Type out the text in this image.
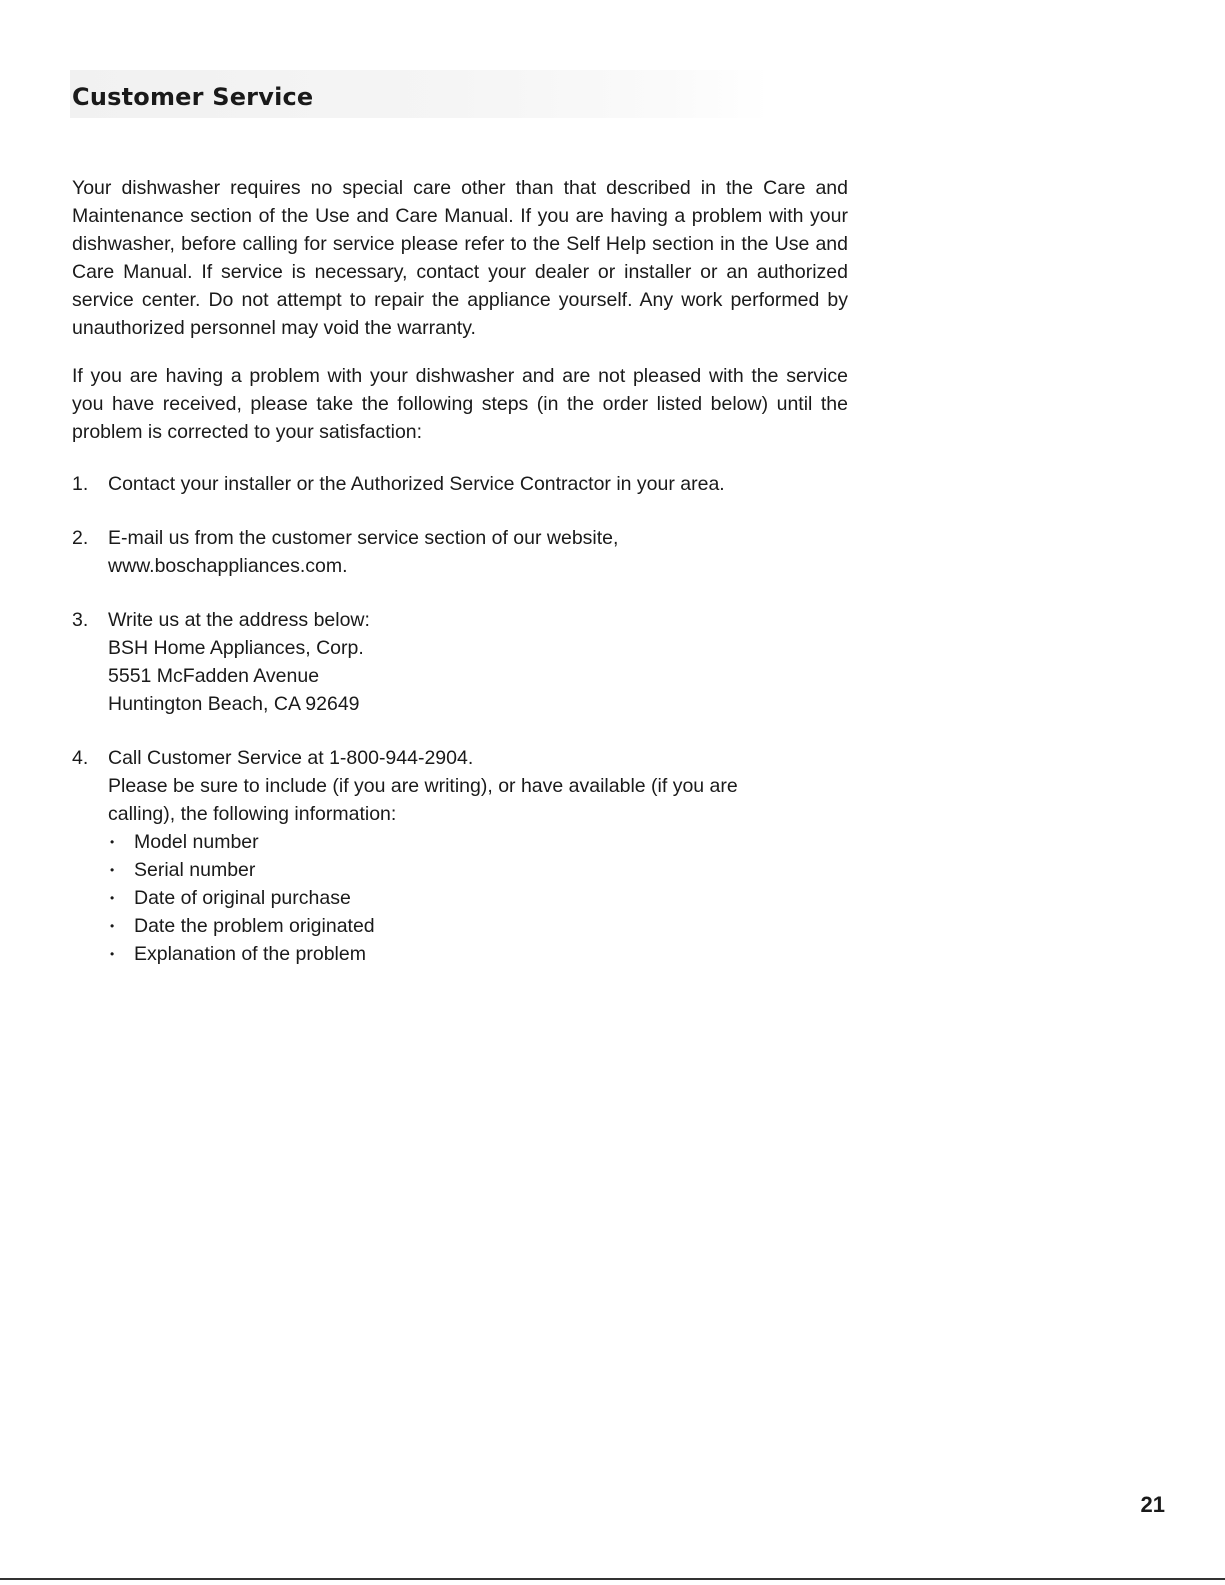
Customer Service

Your dishwasher requires no special care other than that described in the Care and Maintenance section of the Use and Care Manual. If you are having a problem with your dishwasher, before calling for service please refer to the Self Help section in the Use and Care Manual. If service is necessary, contact your dealer or installer or an authorized service center. Do not attempt to repair the appliance yourself. Any work performed by unauthorized personnel may void the warranty.

If you are having a problem with your dishwasher and are not pleased with the service you have received, please take the following steps (in the order listed below) until the problem is corrected to your satisfaction:

1.	Contact your installer or the Authorized Service Contractor in your area.
2.	E-mail us from the customer service section of our website,
www.boschappliances.com.
3.	Write us at the address below:
BSH Home Appliances, Corp.
5551 McFadden Avenue
Huntington Beach, CA 92649
4.	Call Customer Service at 1-800-944-2904.
Please be sure to include (if you are writing), or have available (if you are
calling), the following information:
•	Model number
•	Serial number
•	Date of original purchase
•	Date the problem originated
•	Explanation of the problem
21
